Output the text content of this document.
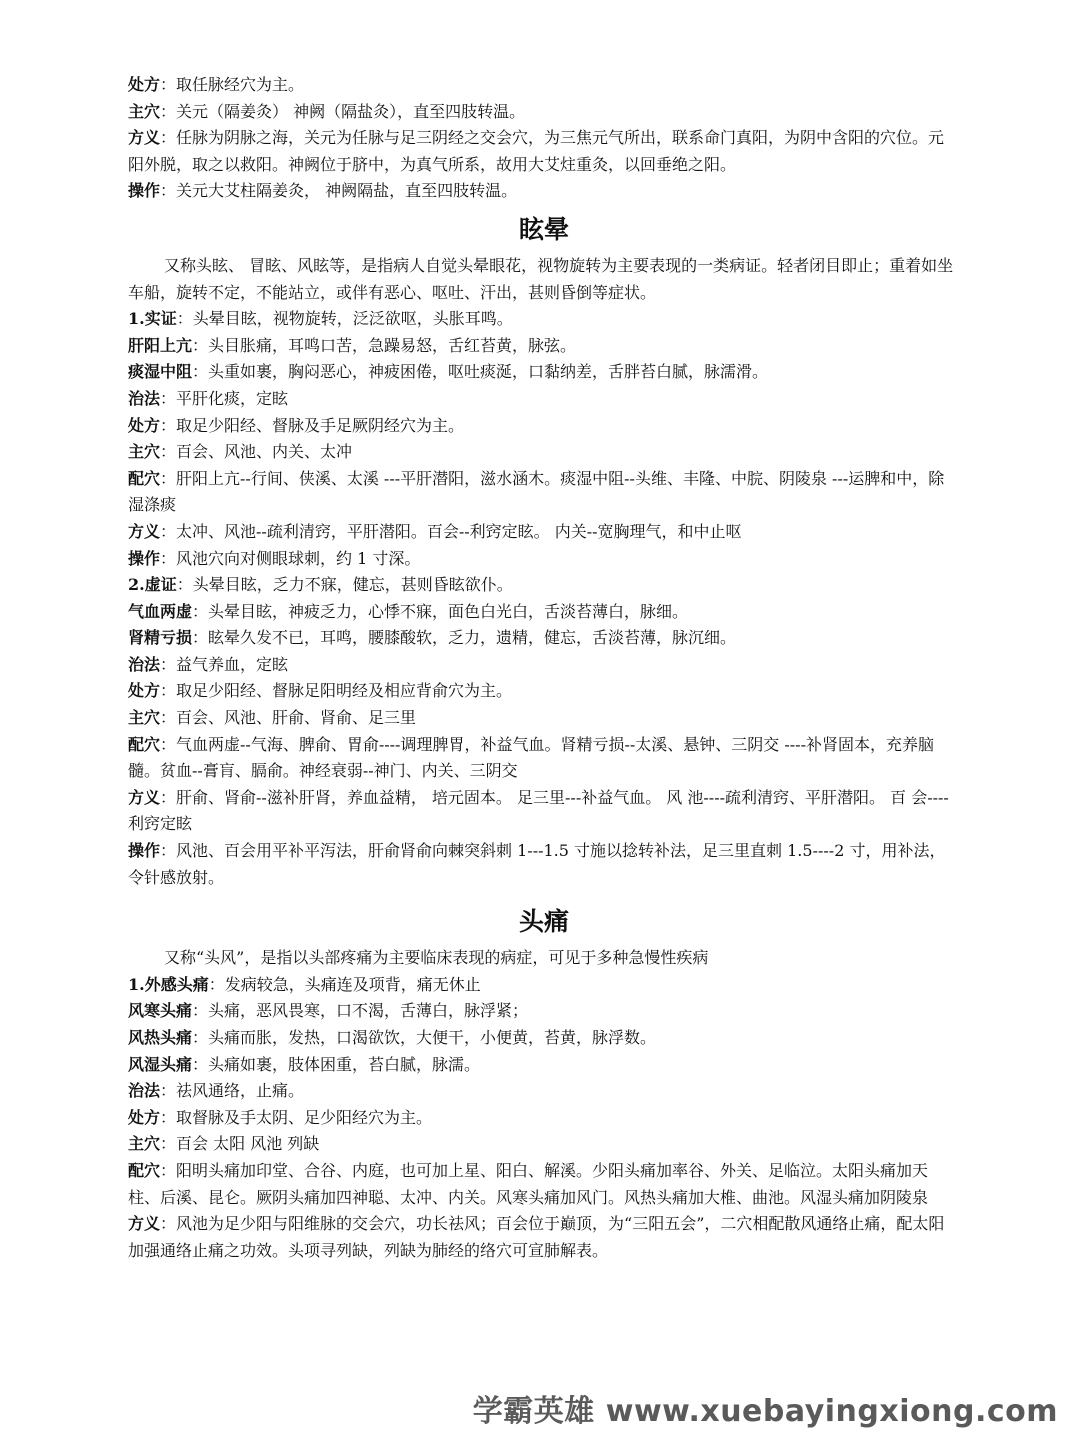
处方：取任脉经穴为主。
主穴：关元（隔姜灸） 神阙（隔盐灸），直至四肢转温。
方义：任脉为阴脉之海，关元为任脉与足三阴经之交会穴，为三焦元气所出，联系命门真阳，为阴中含阳的穴位。元阳外脱，取之以救阳。神阙位于脐中，为真气所系，故用大艾炷重灸，以回垂绝之阳。
操作：关元大艾柱隔姜灸， 神阙隔盐，直至四肢转温。
眩晕
又称头眩、 冒眩、风眩等，是指病人自觉头晕眼花，视物旋转为主要表现的一类病证。轻者闭目即止；重着如坐车船，旋转不定，不能站立，或伴有恶心、呕吐、汗出，甚则昏倒等症状。
1.实证：头晕目眩，视物旋转，泛泛欲呕，头胀耳鸣。
肝阳上亢：头目胀痛，耳鸣口苦，急躁易怒，舌红苔黄，脉弦。
痰湿中阻：头重如裹，胸闷恶心，神疲困倦，呕吐痰涎，口黏纳差，舌胖苔白腻，脉濡滑。
治法：平肝化痰，定眩
处方：取足少阳经、督脉及手足厥阴经穴为主。
主穴：百会、风池、内关、太冲
配穴：肝阳上亢--行间、侠溪、太溪 ---平肝潜阳，滋水涵木。痰湿中阻--头维、丰隆、中脘、阴陵泉 ---运脾和中，除湿涤痰
方义：太冲、风池--疏利清窍，平肝潜阳。百会--利窍定眩。 内关--宽胸理气，和中止呕
操作：风池穴向对侧眼球刺，约 1 寸深。
2.虚证：头晕目眩，乏力不寐，健忘，甚则昏眩欲仆。
气血两虚：头晕目眩，神疲乏力，心悸不寐，面色白光白，舌淡苔薄白，脉细。
肾精亏损：眩晕久发不已，耳鸣，腰膝酸软，乏力，遗精，健忘，舌淡苔薄，脉沉细。
治法：益气养血，定眩
处方：取足少阳经、督脉足阳明经及相应背俞穴为主。
主穴：百会、风池、肝俞、肾俞、足三里
配穴：气血两虚--气海、脾俞、胃俞----调理脾胃，补益气血。肾精亏损--太溪、悬钟、三阴交 ----补肾固本，充养脑髓。贫血--膏肓、膈俞。神经衰弱--神门、内关、三阴交
方义：肝俞、肾俞--滋补肝肾，养血益精， 培元固本。 足三里---补益气血。 风 池----疏利清窍、平肝潜阳。 百 会----利窍定眩
操作：风池、百会用平补平泻法，肝俞肾俞向棘突斜刺 1---1.5 寸施以捻转补法，足三里直刺 1.5----2 寸，用补法，令针感放射。
头痛
又称“头风”，是指以头部疼痛为主要临床表现的病症，可见于多种急慢性疾病
1.外感头痛：发病较急，头痛连及项背，痛无休止
风寒头痛：头痛，恶风畏寒，口不渴，舌薄白，脉浮紧；
风热头痛：头痛而胀，发热，口渴欲饮，大便干，小便黄，苔黄，脉浮数。
风湿头痛：头痛如裹，肢体困重，苔白腻，脉濡。
治法：祛风通络，止痛。
处方：取督脉及手太阴、足少阳经穴为主。
主穴：百会 太阳 风池 列缺
配穴：阳明头痛加印堂、合谷、内庭，也可加上星、阳白、解溪。少阳头痛加率谷、外关、足临泣。太阳头痛加天柱、后溪、昆仑。厥阴头痛加四神聪、太冲、内关。风寒头痛加风门。风热头痛加大椎、曲池。风湿头痛加阴陵泉
方义：风池为足少阳与阳维脉的交会穴，功长祛风；百会位于巅顶，为“三阳五会”，二穴相配散风通络止痛，配太阳加强通络止痛之功效。头项寻列缺，列缺为肺经的络穴可宣肺解表。
学霸英雄 www.xuebayingxiong.com
